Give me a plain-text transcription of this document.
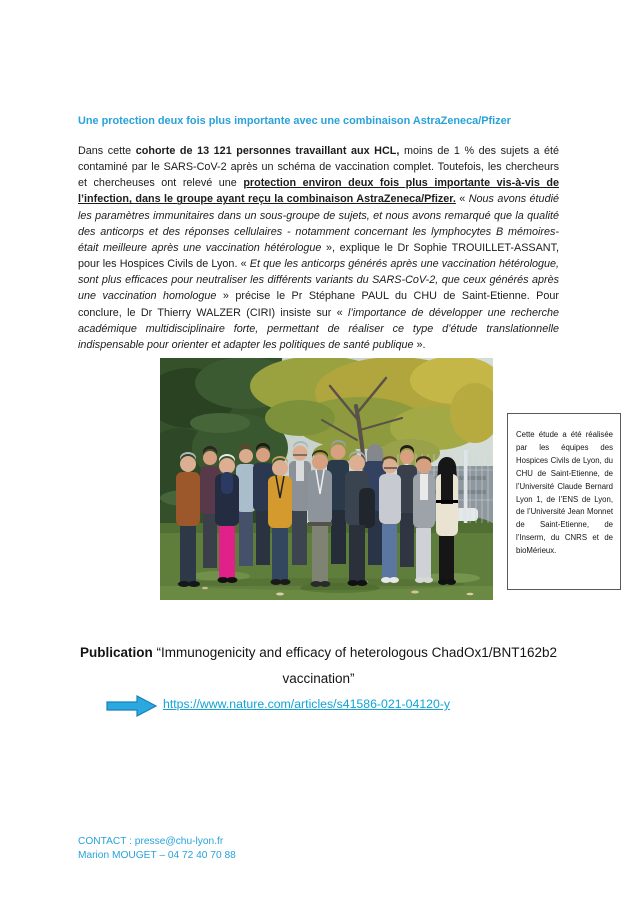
Une protection deux fois plus importante avec une combinaison AstraZeneca/Pfizer

Dans cette cohorte de 13 121 personnes travaillant aux HCL, moins de 1 % des sujets a été contaminé par le SARS-CoV-2 après un schéma de vaccination complet. Toutefois, les chercheurs et chercheuses ont relevé une protection environ deux fois plus importante vis-à-vis de l’infection, dans le groupe ayant reçu la combinaison AstraZeneca/Pfizer. « Nous avons étudié les paramètres immunitaires dans un sous-groupe de sujets, et nous avons remarqué que la qualité des anticorps et des réponses cellulaires - notamment concernant les lymphocytes B mémoires- était meilleure après une vaccination hétérologue », explique le Dr Sophie TROUILLET-ASSANT, pour les Hospices Civils de Lyon. « Et que les anticorps générés après une vaccination hétérologue, sont plus efficaces pour neutraliser les différents variants du SARS-CoV-2, que ceux générés après une vaccination homologue » précise le Pr Stéphane PAUL du CHU de Saint-Etienne. Pour conclure, le Dr Thierry WALZER (CIRI) insiste sur « l’importance de développer une recherche académique multidisciplinaire forte, permettant de réaliser ce type d’étude translationnelle indispensable pour orienter et adapter les politiques de santé publique ».

Cette étude a été réalisée par les équipes des Hospices Civils de Lyon, du CHU de Saint-Etienne, de l’Université Claude Bernard Lyon 1, de l’ENS de Lyon, de l’Université Jean Monnet de Saint-Etienne, de l’Inserm, du CNRS et de bioMérieux.

Publication “Immunogenicity and efficacy of heterologous ChadOx1/BNT162b2 vaccination”

https://www.nature.com/articles/s41586-021-04120-y
CONTACT : presse@chu-lyon.fr
Marion MOUGET – 04 72 40 70 88
